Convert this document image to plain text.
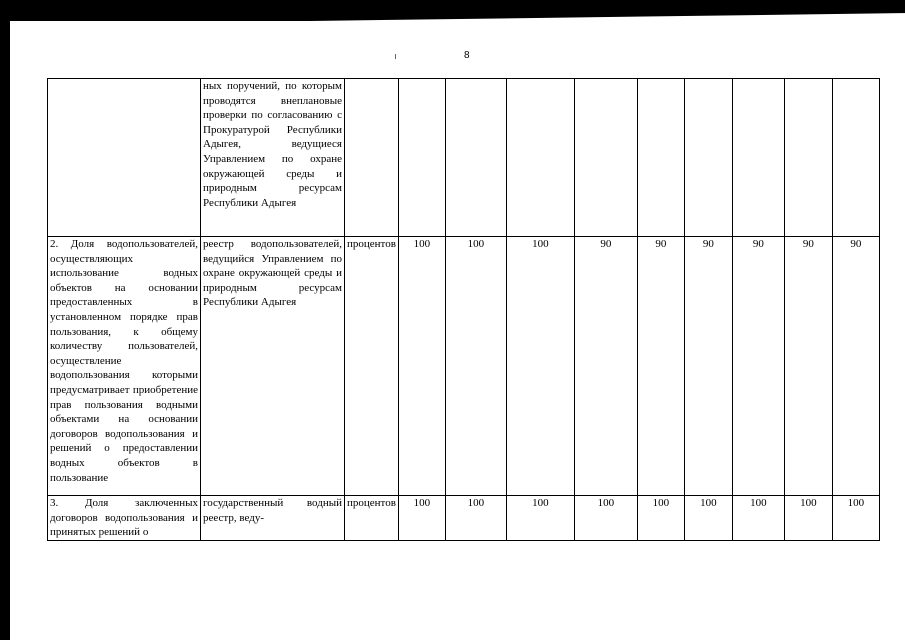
8
	ных поручений, по которым проводятся внеплановые проверки по согласованию с Прокуратурой Республики Адыгея, ведущиеся Управлением по охране окружающей среды и природным ресурсам Республики Адыгея										
2. Доля водопользователей, осуществляющих использование водных объектов на основании предоставленных в установленном порядке прав пользования, к общему количеству пользователей, осуществление водопользования которыми предусматривает приобретение прав пользования водными объектами на основании договоров водопользования и решений о предоставлении водных объектов в пользование	реестр водопользователей, ведущийся Управлением по охране окружающей среды и природным ресурсам Республики Адыгея	процентов	100	100	100	90	90	90	90	90	90
3. Доля заключенных договоров водопользования и принятых решений о	государственный водный реестр, веду-	процентов	100	100	100	100	100	100	100	100	100
